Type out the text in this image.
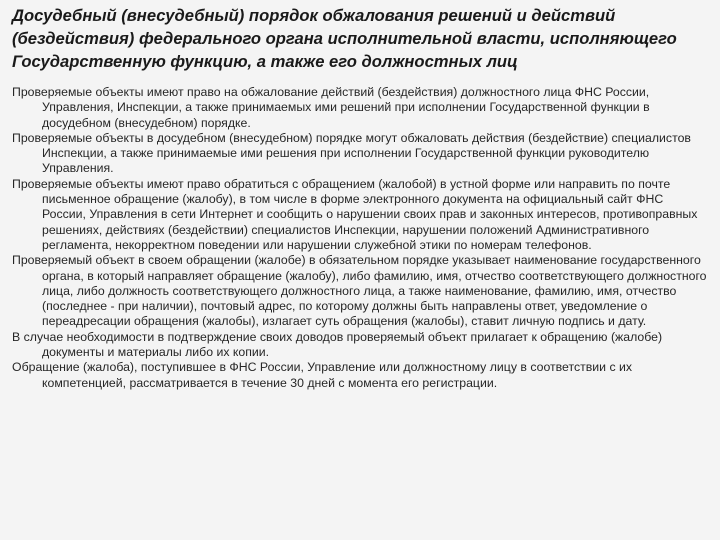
Досудебный (внесудебный) порядок обжалования решений и действий (бездействия) федерального органа исполнительной власти, исполняющего Государственную функцию, а также его должностных лиц

Проверяемые объекты имеют право на обжалование действий (бездействия) должностного лица ФНС России, Управления, Инспекции, а также принимаемых ими решений при исполнении Государственной функции в досудебном (внесудебном) порядке.

Проверяемые объекты в досудебном (внесудебном) порядке могут обжаловать действия (бездействие) специалистов Инспекции, а также принимаемые ими решения при исполнении Государственной функции руководителю Управления.

Проверяемые объекты имеют право обратиться с обращением (жалобой) в устной форме или направить по почте письменное обращение (жалобу), в том числе в форме электронного документа на официальный сайт ФНС России, Управления в сети Интернет и сообщить о нарушении своих прав и законных интересов, противоправных решениях, действиях (бездействии) специалистов Инспекции, нарушении положений Административного регламента, некорректном поведении или нарушении служебной этики по номерам телефонов.

Проверяемый объект в своем обращении (жалобе) в обязательном порядке указывает наименование государственного органа, в который направляет обращение (жалобу), либо фамилию, имя, отчество соответствующего должностного лица, либо должность соответствующего должностного лица, а также наименование, фамилию, имя, отчество (последнее - при наличии), почтовый адрес, по которому должны быть направлены ответ, уведомление о переадресации обращения (жалобы), излагает суть обращения (жалобы), ставит личную подпись и дату.

В случае необходимости в подтверждение своих доводов проверяемый объект прилагает к обращению (жалобе) документы и материалы либо их копии.

Обращение (жалоба), поступившее в ФНС России, Управление или должностному лицу в соответствии с их компетенцией, рассматривается в течение 30 дней с момента его регистрации.
